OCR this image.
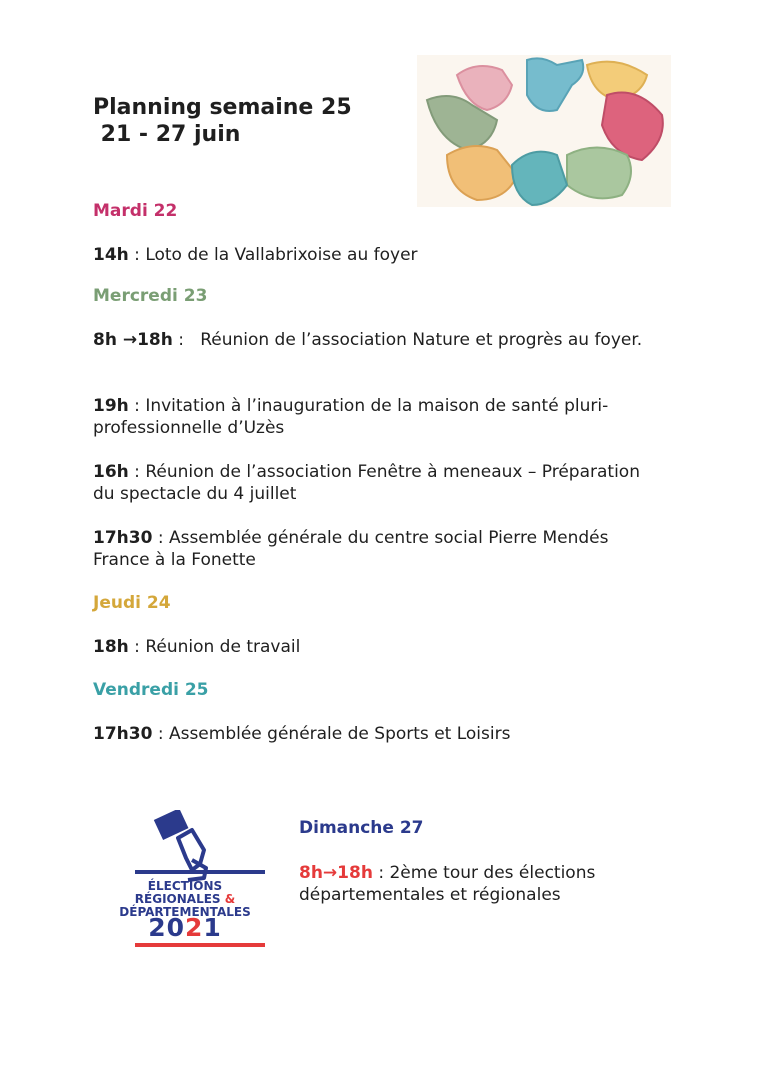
Planning semaine 25
21 - 27 juin
Mardi 22
14h : Loto de la Vallabrixoise au foyer
Mercredi 23
8h →18h :   Réunion de l’association Nature et progrès au foyer.
19h : Invitation à l’inauguration de la maison de santé pluri-professionnelle d’Uzès
16h : Réunion de l’association Fenêtre à meneaux – Préparation du spectacle du 4 juillet
17h30 : Assemblée générale du centre social Pierre Mendés France à la Fonette
Jeudi 24
18h : Réunion de travail
Vendredi 25
17h30 : Assemblée générale de Sports et Loisirs
ÉLECTIONS
RÉGIONALES &
DÉPARTEMENTALES
2021
Dimanche 27
8h→18h : 2ème tour des élections départementales et régionales
